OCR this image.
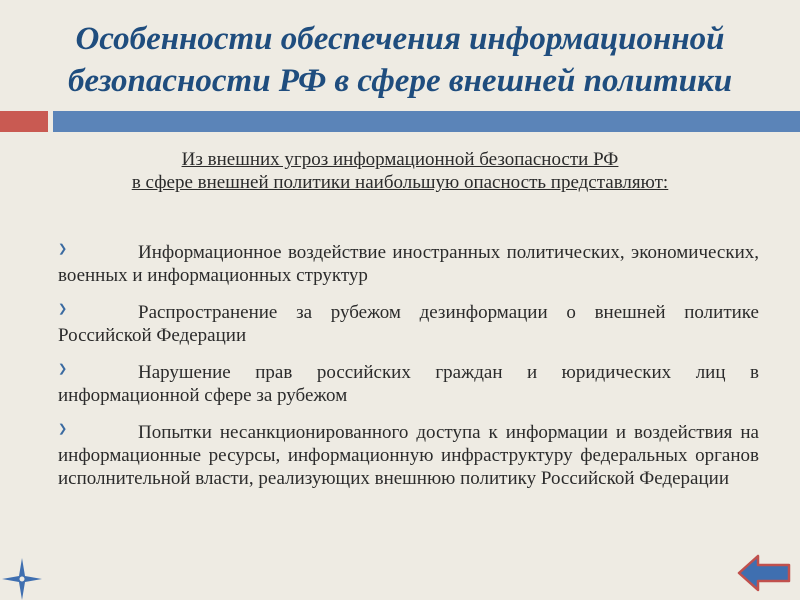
Особенности обеспечения информационной
безопасности РФ в сфере внешней политики
Из внешних угроз информационной безопасности РФ
в сфере внешней политики наибольшую опасность представляют:
❯	Информационное воздействие иностранных политических, экономических, военных и информационных структур
❯	Распространение за рубежом дезинформации о внешней политике Российской Федерации
❯	Нарушение прав российских граждан и юридических лиц в информационной сфере за рубежом
❯	Попытки несанкционированного доступа к информации и воздействия на информационные ресурсы, информационную инфраструктуру федеральных органов исполнительной власти, реализующих внешнюю политику Российской Федерации
